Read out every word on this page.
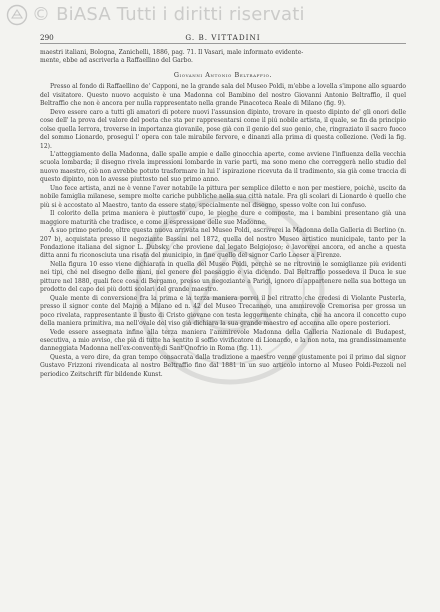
© BiASA Tutti i diritti riservati
290	G. B. VITTADINI

maestri italiani, Bologna, Zanichelli, 1886, pag. 71. Il Vasari, male informato evidente-

mente, ebbe ad ascriverla a Raffaellino del Garbo.

Giovanni Antonio Beltraffio.

Presso al fondo di Raffaellino de' Capponi, ne la grande sala del Museo Poldi, m'ebbe a lovella s'impone allo sguardo del visitatore. Questo nuovo acquisto è una Madonna col Bambino del nostro Giovanni Antonio Beltraffio, il quel Beltraffio che non è ancora per nulla rappresentato nella grande Pinacoteca Reale di Milano (fig. 9).

Devo essere caro a tutti gli amatori di potere nuovi l'assunsion dipinto, trovare in questo dipinto de' gli onori delle cose dell' la prova del valore del poeta che sta per rappresentarsi come il piú nobile artista, il quale, se fin da principio colse quella Ierrora, troverse in importanza giovanile, pose già con il genio del suo genio, che, ringraziato il sacro fuoco del sommo Lionardo, proseguì l' opera con tale mirabile fervore, e dinanzi alla prima di questa collezione. (Vedi la fig. 12).

L'atteggiamento della Madonna, dalle spalle ampie e dalle ginocchia aperte, come avviene l'influenza della vecchia scuola lombarda; il disegno rivela impressioni lombarde in varie parti, ma sono meno che correggerà nello studio del nuovo maestro, ciò non avrebbe potuto trasformare in lui l' ispirazione ricevuta da il tradimento, sia già come traccia di questo dipinto, non lo avesse piuttosto nel suo primo anno.

Uno fece artista, anzi ne è venne l'aver notabile la pittura per semplice diletto e non per mestiere, poichè, uscito da nobile famiglia milanese, sempre molte cariche pubbliche nella sua città natale. Fra gli scolari di Lionardo è quello che più si è accostato al Maestro, tanto da essere stato, specialmente nel disegno, spesso volte con lui confuso.

Il colorito della prima maniera è piuttosto cupo, le pieghe dure e composte, ma i bambini presentano già una maggiore maturità che tradisce, e come il espressione delle sue Madonne.

A suo primo periodo, oltre questa nuova arrivata nel Museo Poldi, ascriverei la Madonna della Galleria di Berlino (n. 207 b), acquistata presso il negoziante Bassini nel 1872, quella del nostro Museo artistico municipale, tanto per la Fondazione italiana del signor L. Dubsky, che proviene dal legato Belgiojoso; e lavorerei ancora, ed anche a questa ditta anni fu riconosciuta una risata del municipio, in fine quello del signor Carlo Loeser a Firenze.

Nella figura 10 esso viene dichiarata in quella del Museo Poldi, perchè se ne ritrovino le somiglianze più evidenti nei tipi, ché nel disegno delle mani, nel genere del paesaggio e via dicendo. Dal Beltraffio possedeva il Duca le sue pitture nel 1880, quali fece cosa di Bergamo, presso un negoziante a Parigi, ignoro di appartenere nella sua bottega un prodotto del capo dei più dotti scolari del grande maestro.

Quale mente di conversione fra la prima e la terza maniera porrei il bel ritratto che credesi di Violante Pusterla, presso il signor conte del Majno a Milano ed n. 42 del Museo Trecanneo, una ammirevole Cremorisa per grossa un poco rivelata, rappresentante il busto di Cristo giovane con testa leggermente chinata, che ha ancora il concetto cupo della maniera primitiva, ma nell'ovale del viso già dichiara la sua grande maestro ed accenna alle opere posteriori.

Vede essere assegnata infine alla terza maniera l'ammirevole Madonna della Galleria Nazionale di Budapest, esecutiva, a mio avviso, che pià di tutte ha sentito il soffio vivificatore di Lionardo, e la non nota, ma grandissimamente danneggiata Madonna nell'ex-convento di Sant'Onofrio in Roma (fig. 11).

Questa, a vero dire, da gran tempo consacrata dalla tradizione a maestro venne giustamente poi il primo dal signor Gustavo Frizzoni rivendicata al nostro Beltraffio fino dal 1881 in un suo articolo intorno al Museo Poldi-Pezzoli nel periodico Zeitschrift für bildende Kunst.
